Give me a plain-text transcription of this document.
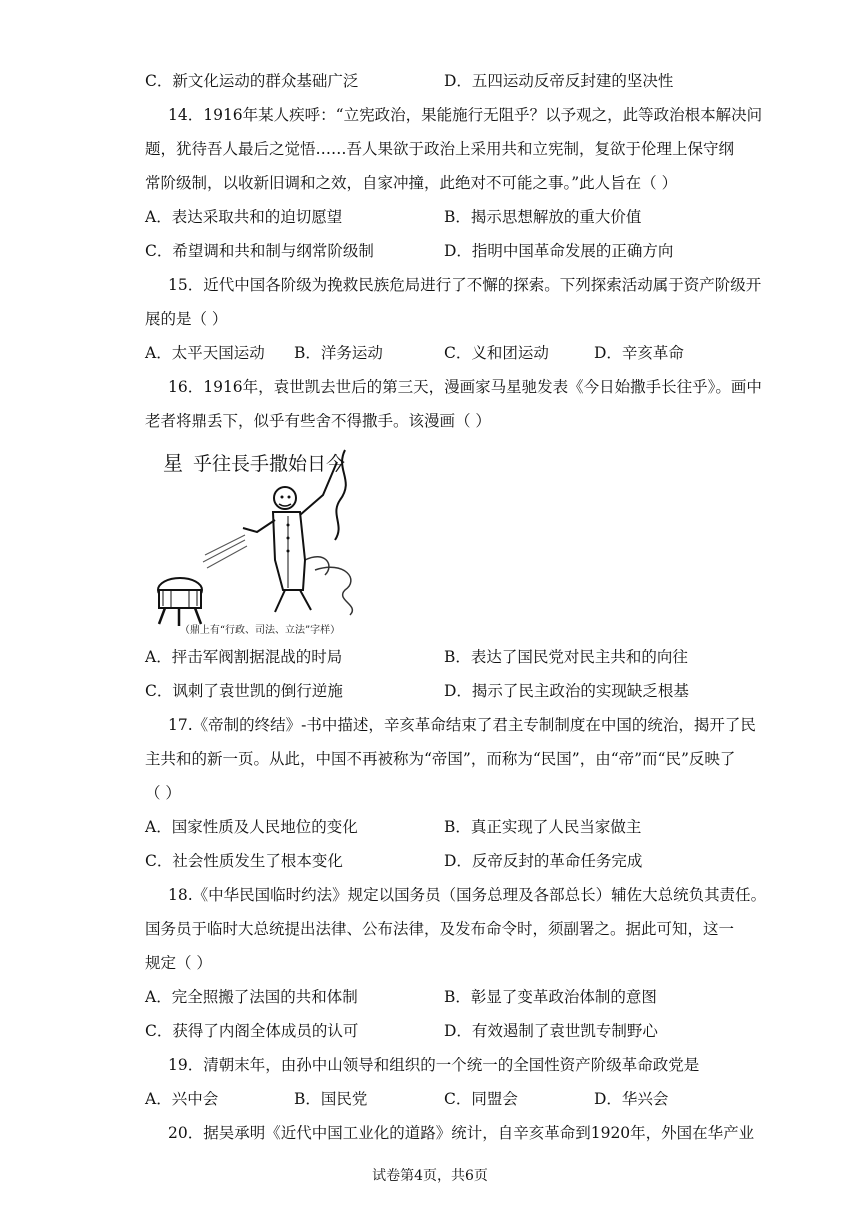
C．新文化运动的群众基础广泛	D．五四运动反帝反封建的坚决性
14．1916年某人疾呼：“立宪政治，果能施行无阻乎？以予观之，此等政治根本解决问
题，犹待吾人最后之觉悟……吾人果欲于政治上采用共和立宪制，复欲于伦理上保守纲
常阶级制，以收新旧调和之效，自家冲撞，此绝对不可能之事。”此人旨在（ ）
A．表达采取共和的迫切愿望	B．揭示思想解放的重大价值
C．希望调和共和制与纲常阶级制	D．指明中国革命发展的正确方向
15．近代中国各阶级为挽救民族危局进行了不懈的探索。下列探索活动属于资产阶级开
展的是（ ）
A．太平天国运动 B．洋务运动	C．义和团运动	D．辛亥革命
16．1916年，袁世凯去世后的第三天，漫画家马星驰发表《今日始撒手长往乎》。画中
老者将鼎丢下，似乎有些舍不得撒手。该漫画（ ）
星 乎往長手撒始日今
（鼎上有“行政、司法、立法”字样）
A．抨击军阀割据混战的时局	B．表达了国民党对民主共和的向往
C．讽刺了袁世凯的倒行逆施	D．揭示了民主政治的实现缺乏根基
17.《帝制的终结》-书中描述，辛亥革命结束了君主专制制度在中国的统治，揭开了民
主共和的新一页。从此，中国不再被称为“帝国”，而称为“民国”，由“帝”而“民”反映了
（ ）
A．国家性质及人民地位的变化	B．真正实现了人民当家做主
C．社会性质发生了根本变化	D．反帝反封的革命任务完成
18.《中华民国临时约法》规定以国务员（国务总理及各部总长）辅佐大总统负其责任。
国务员于临时大总统提出法律、公布法律，及发布命令时，须副署之。据此可知，这一
规定（ ）
A．完全照搬了法国的共和体制	B．彰显了变革政治体制的意图
C．获得了内阁全体成员的认可	D．有效遏制了袁世凯专制野心
19．清朝末年，由孙中山领导和组织的一个统一的全国性资产阶级革命政党是
A．兴中会	B．国民党	C．同盟会	D．华兴会
20．据吴承明《近代中国工业化的道路》统计，自辛亥革命到1920年，外国在华产业
试卷第4页，共6页
